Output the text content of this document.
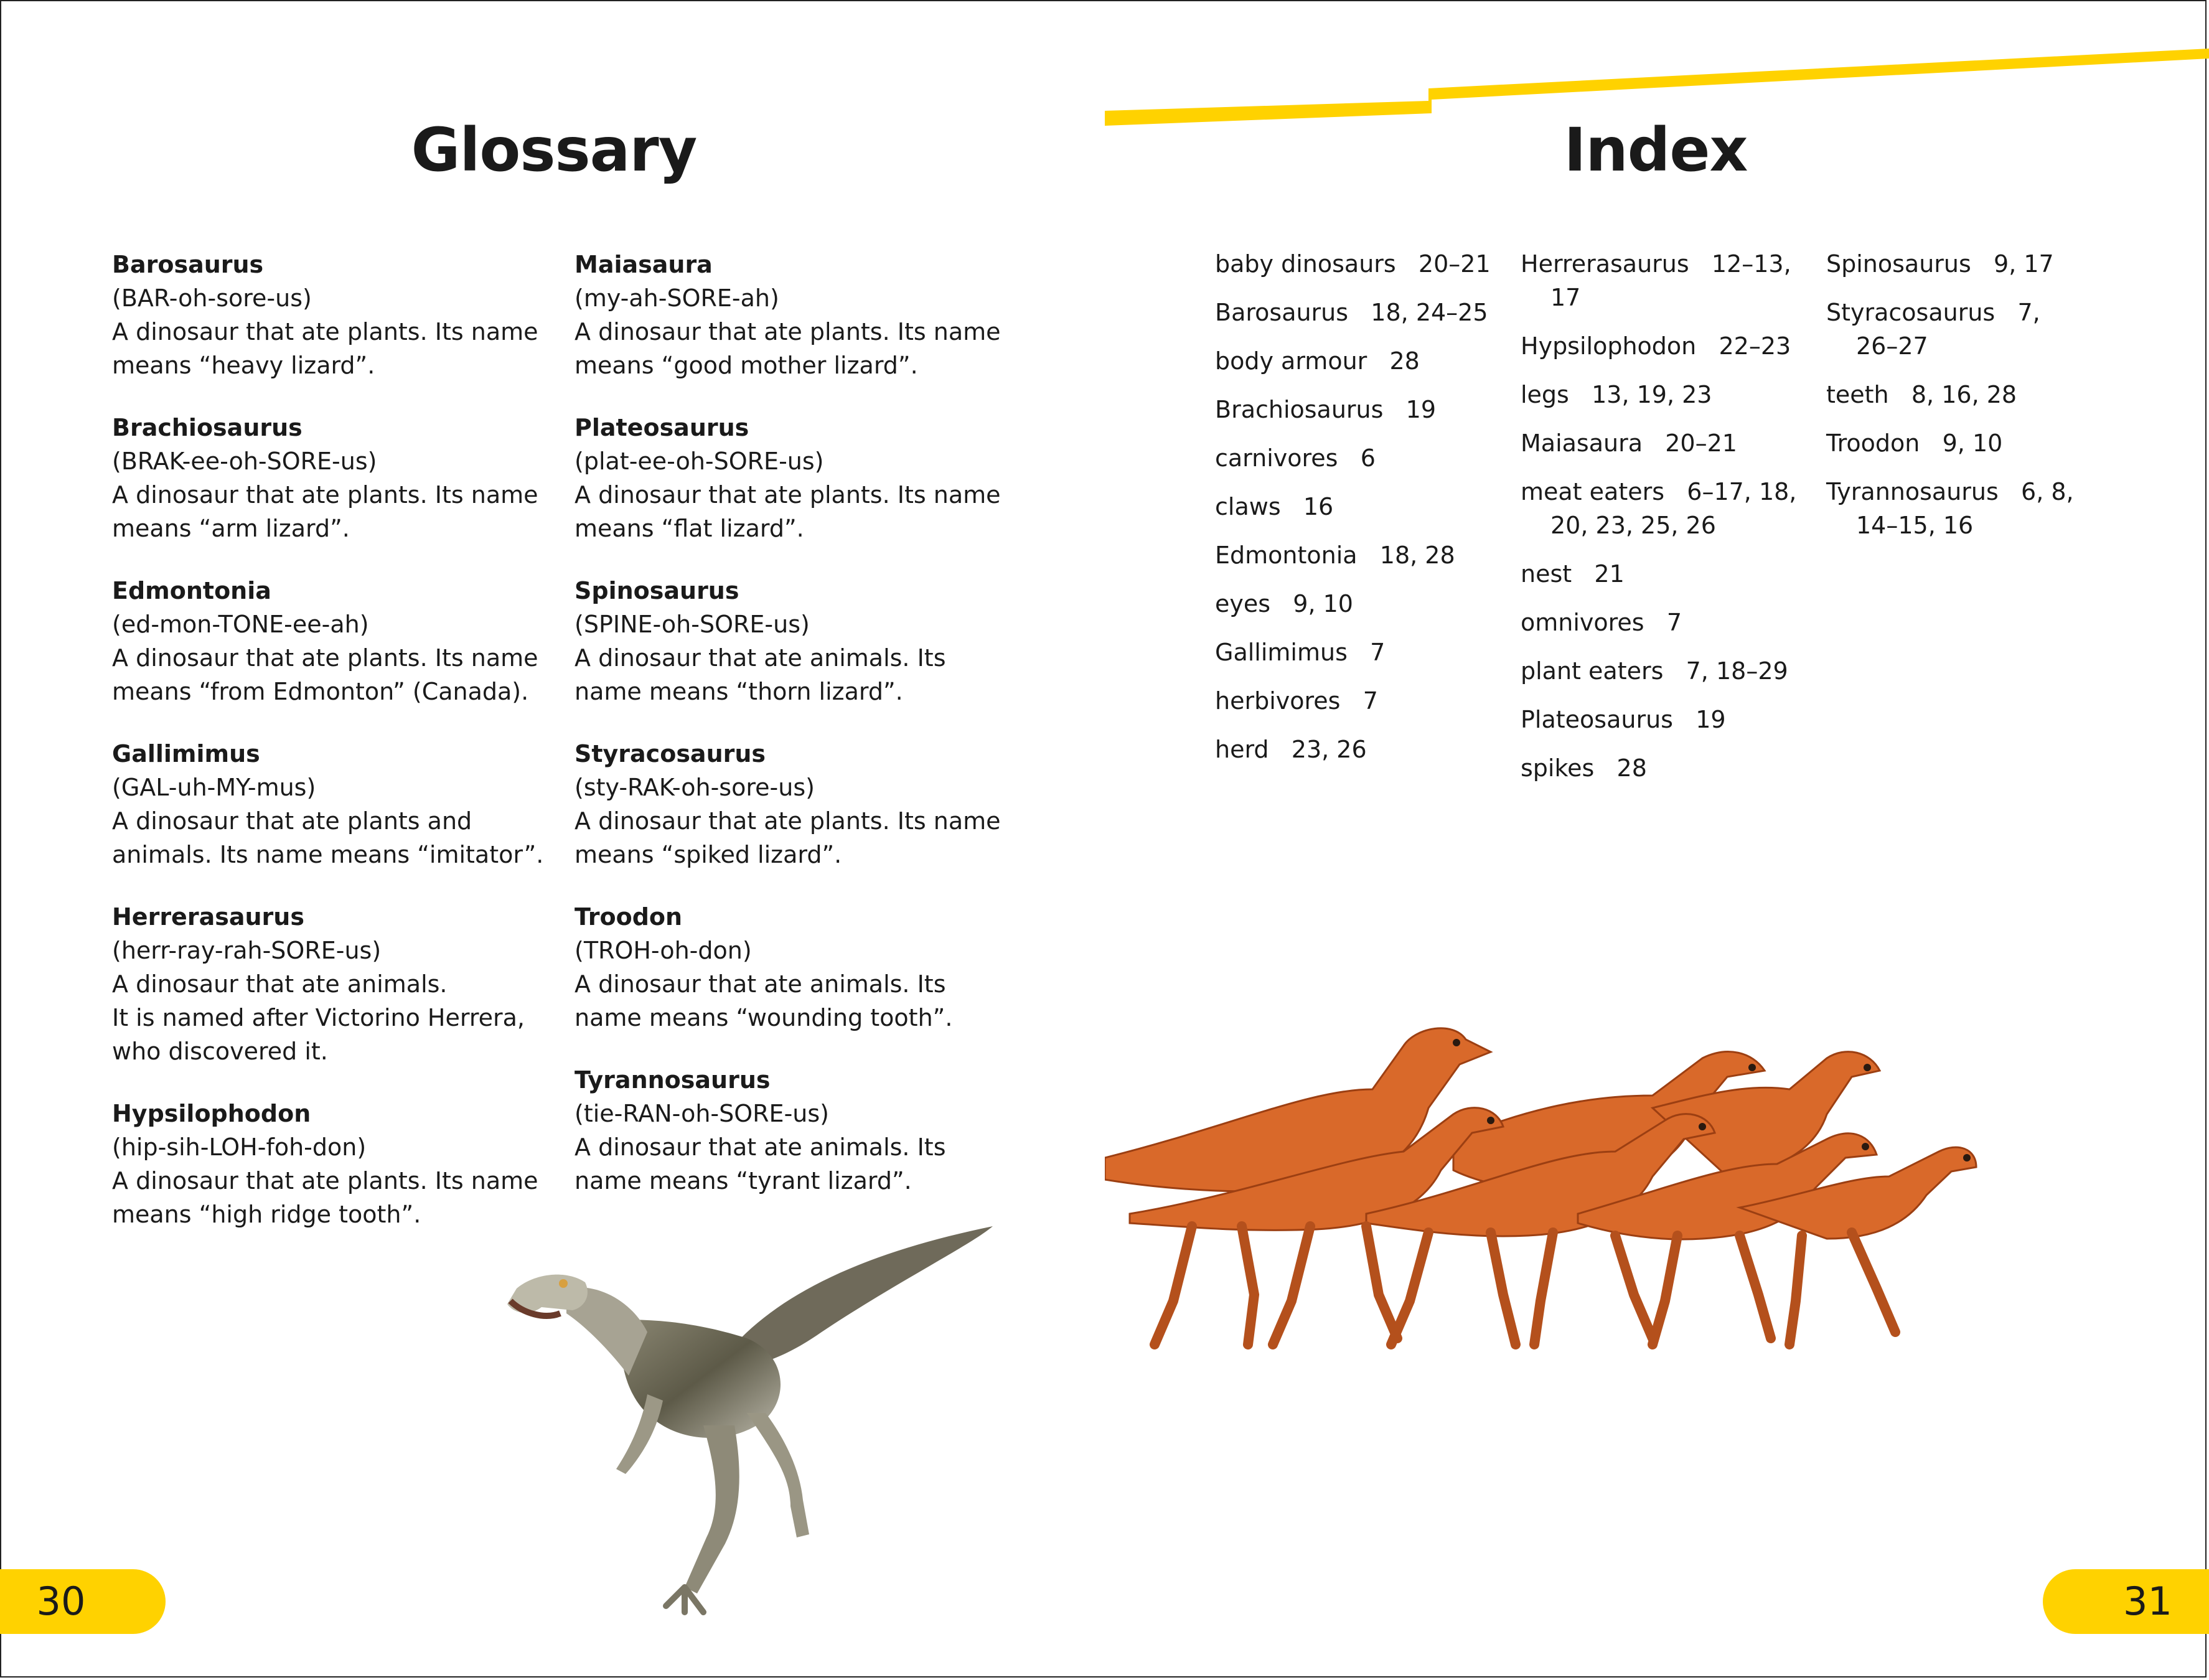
Glossary	Index
Barosaurus
(BAR-oh-sore-us)
A dinosaur that ate plants. Its name
means “heavy lizard”.
Brachiosaurus
(BRAK-ee-oh-SORE-us)
A dinosaur that ate plants. Its name
means “arm lizard”.
Edmontonia
(ed-mon-TONE-ee-ah)
A dinosaur that ate plants. Its name
means “from Edmonton” (Canada).
Gallimimus
(GAL-uh-MY-mus)
A dinosaur that ate plants and
animals. Its name means “imitator”.
Herrerasaurus
(herr-ray-rah-SORE-us)
A dinosaur that ate animals.
It is named after Victorino Herrera,
who discovered it.
Hypsilophodon
(hip-sih-LOH-foh-don)
A dinosaur that ate plants. Its name
means “high ridge tooth”.
Maiasaura
(my-ah-SORE-ah)
A dinosaur that ate plants. Its name
means “good mother lizard”.
Plateosaurus
(plat-ee-oh-SORE-us)
A dinosaur that ate plants. Its name
means “flat lizard”.
Spinosaurus
(SPINE-oh-SORE-us)
A dinosaur that ate animals. Its
name means “thorn lizard”.
Styracosaurus
(sty-RAK-oh-sore-us)
A dinosaur that ate plants. Its name
means “spiked lizard”.
Troodon
(TROH-oh-don)
A dinosaur that ate animals. Its
name means “wounding tooth”.
Tyrannosaurus
(tie-RAN-oh-SORE-us)
A dinosaur that ate animals. Its
name means “tyrant lizard”.
baby dinosaurs   20–21
Barosaurus   18, 24–25
body armour   28
Brachiosaurus   19
carnivores   6
claws   16
Edmontonia   18, 28
eyes   9, 10
Gallimimus   7
herbivores   7
herd   23, 26
Herrerasaurus   12–13,
17
Hypsilophodon   22–23
legs   13, 19, 23
Maiasaura   20–21
meat eaters   6–17, 18,
20, 23, 25, 26
nest   21
omnivores   7
plant eaters   7, 18–29
Plateosaurus   19
spikes   28
Spinosaurus   9, 17
Styracosaurus   7,
26–27
teeth   8, 16, 28
Troodon   9, 10
Tyrannosaurus   6, 8,
14–15, 16
30	31
